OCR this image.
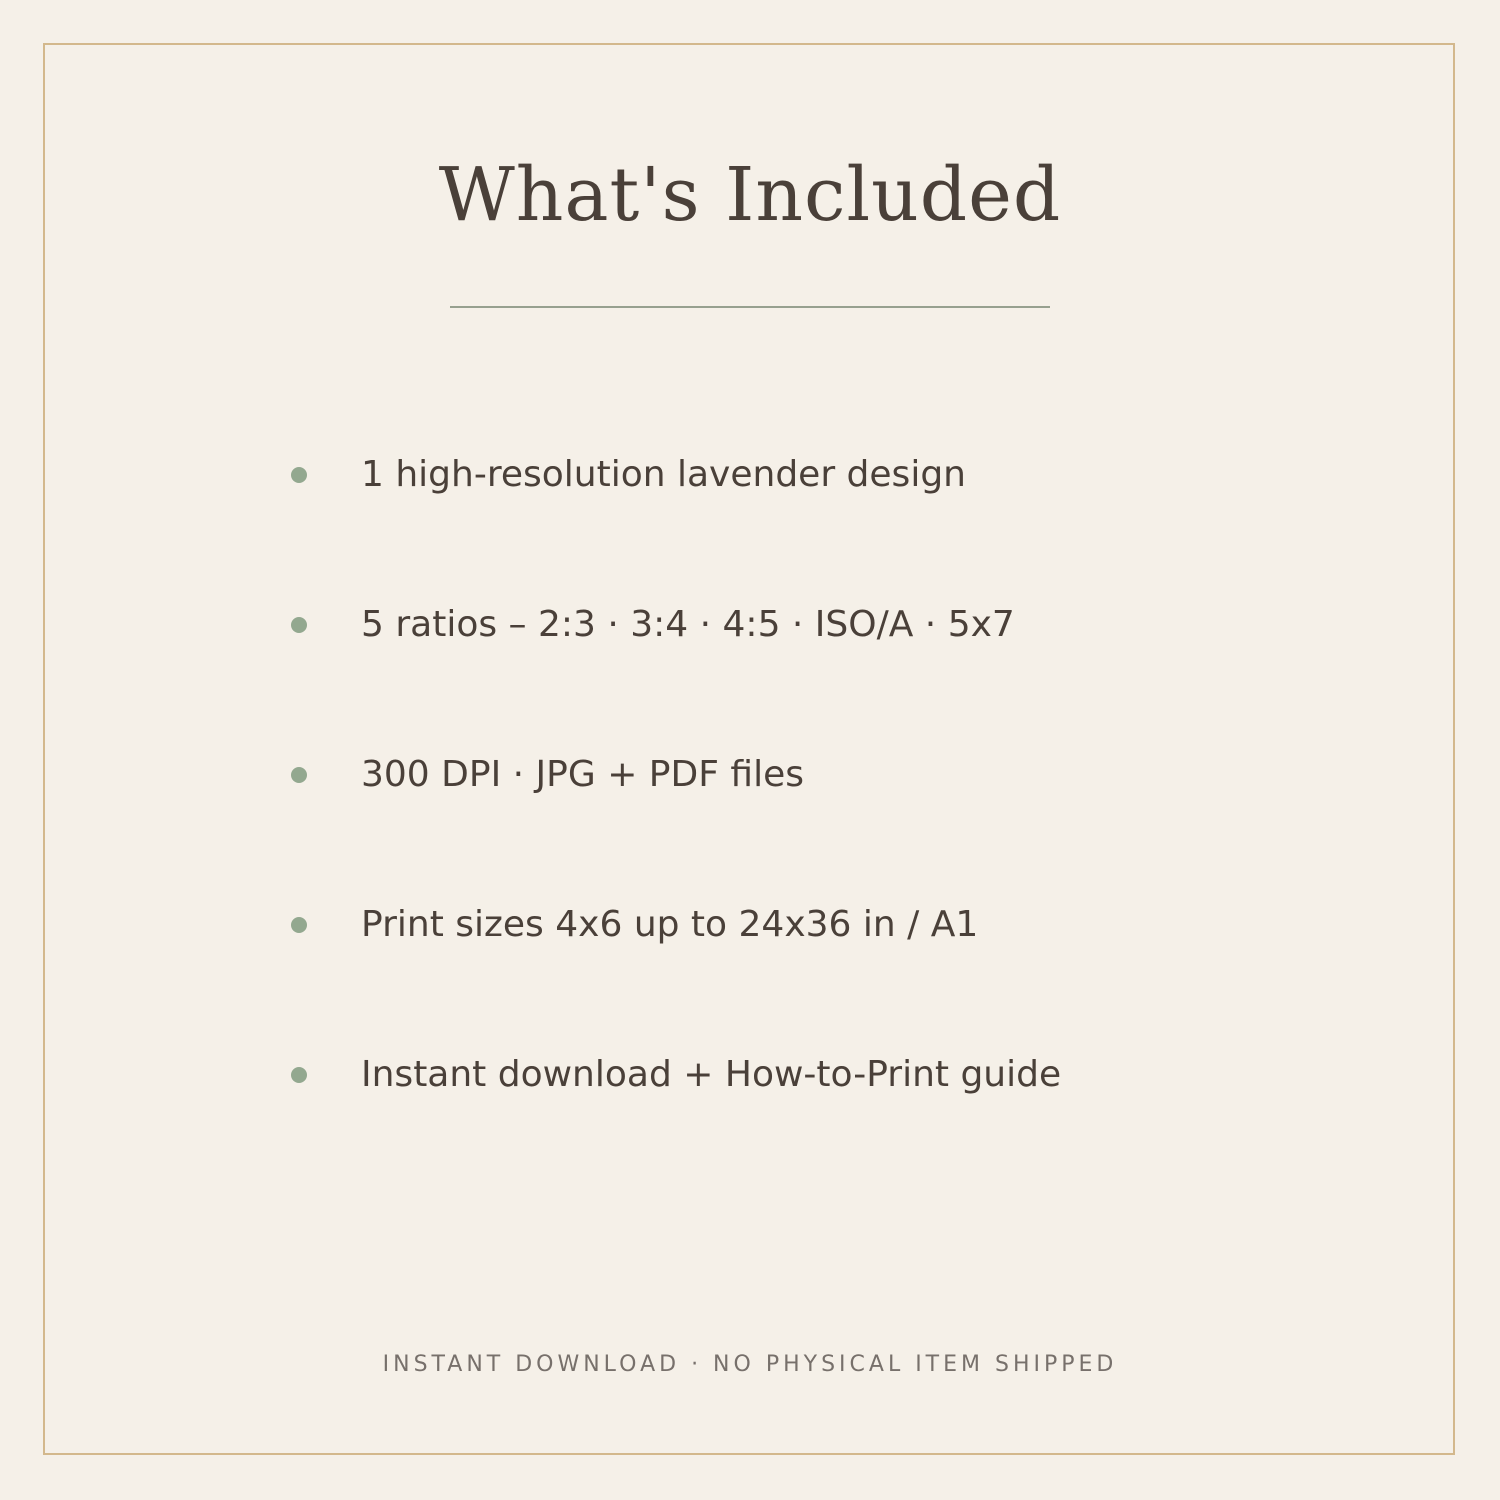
What's Included
1 high-resolution lavender design
5 ratios – 2:3 · 3:4 · 4:5 · ISO/A · 5x7
300 DPI · JPG + PDF files
Print sizes 4x6 up to 24x36 in / A1
Instant download + How-to-Print guide
INSTANT DOWNLOAD · NO PHYSICAL ITEM SHIPPED
